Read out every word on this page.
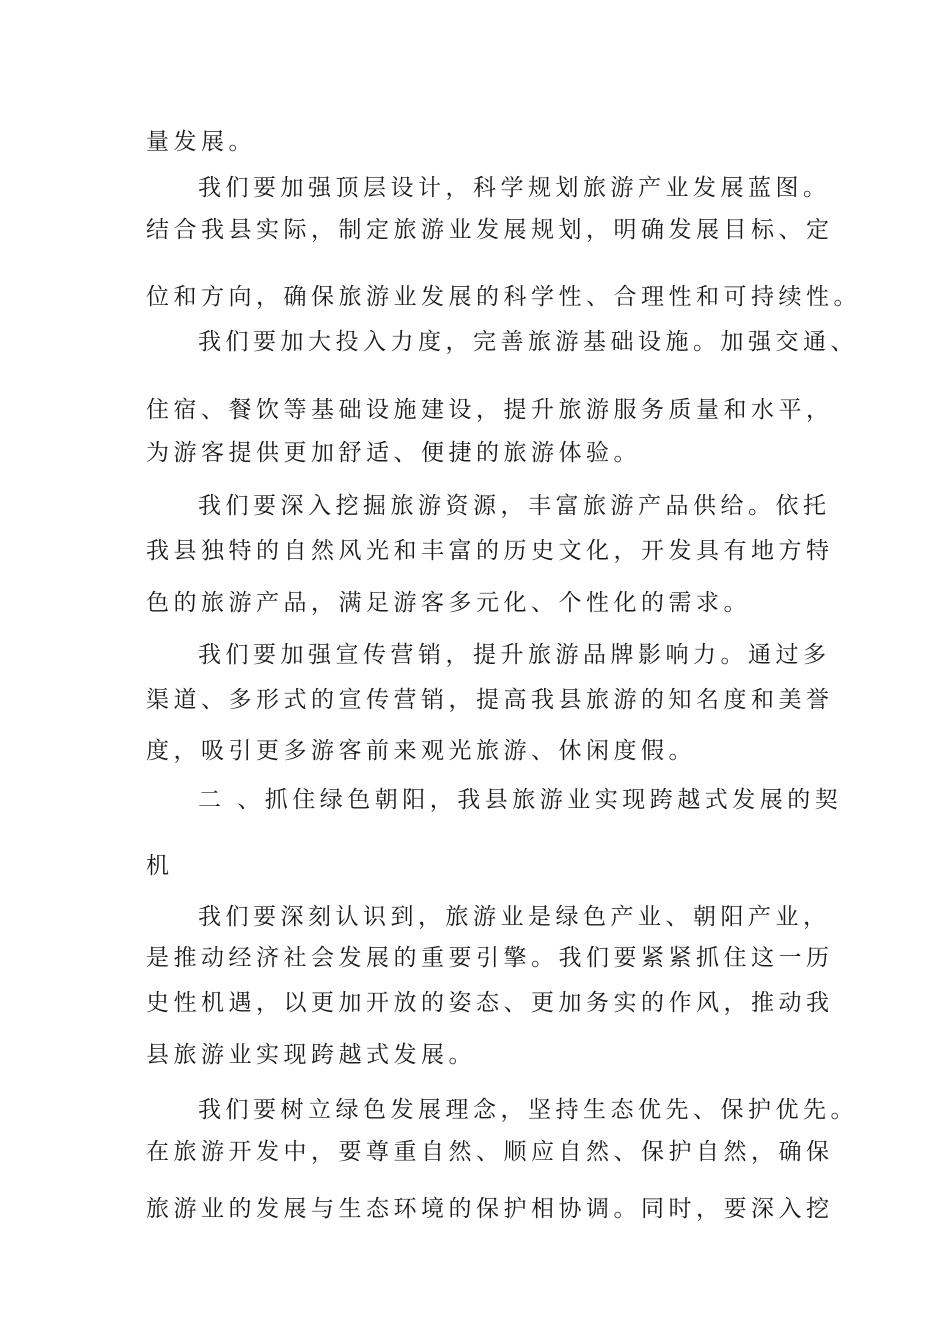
量发展。

我们要加强顶层设计，科学规划旅游产业发展蓝图。

结合我县实际，制定旅游业发展规划，明确发展目标、定

位和方向，确保旅游业发展的科学性、合理性和可持续性。

我们要加大投入力度，完善旅游基础设施。加强交通、

住宿、餐饮等基础设施建设，提升旅游服务质量和水平，

为游客提供更加舒适、便捷的旅游体验。

我们要深入挖掘旅游资源，丰富旅游产品供给。依托

我县独特的自然风光和丰富的历史文化，开发具有地方特

色的旅游产品，满足游客多元化、个性化的需求。

我们要加强宣传营销，提升旅游品牌影响力。通过多

渠道、多形式的宣传营销，提高我县旅游的知名度和美誉

度，吸引更多游客前来观光旅游、休闲度假。

二 、抓住绿色朝阳，我县旅游业实现跨越式发展的契

机

我们要深刻认识到，旅游业是绿色产业、朝阳产业，

是推动经济社会发展的重要引擎。我们要紧紧抓住这一历

史性机遇，以更加开放的姿态、更加务实的作风，推动我

县旅游业实现跨越式发展。

我们要树立绿色发展理念，坚持生态优先、保护优先。

在旅游开发中，要尊重自然、顺应自然、保护自然，确保

旅游业的发展与生态环境的保护相协调。同时，要深入挖
